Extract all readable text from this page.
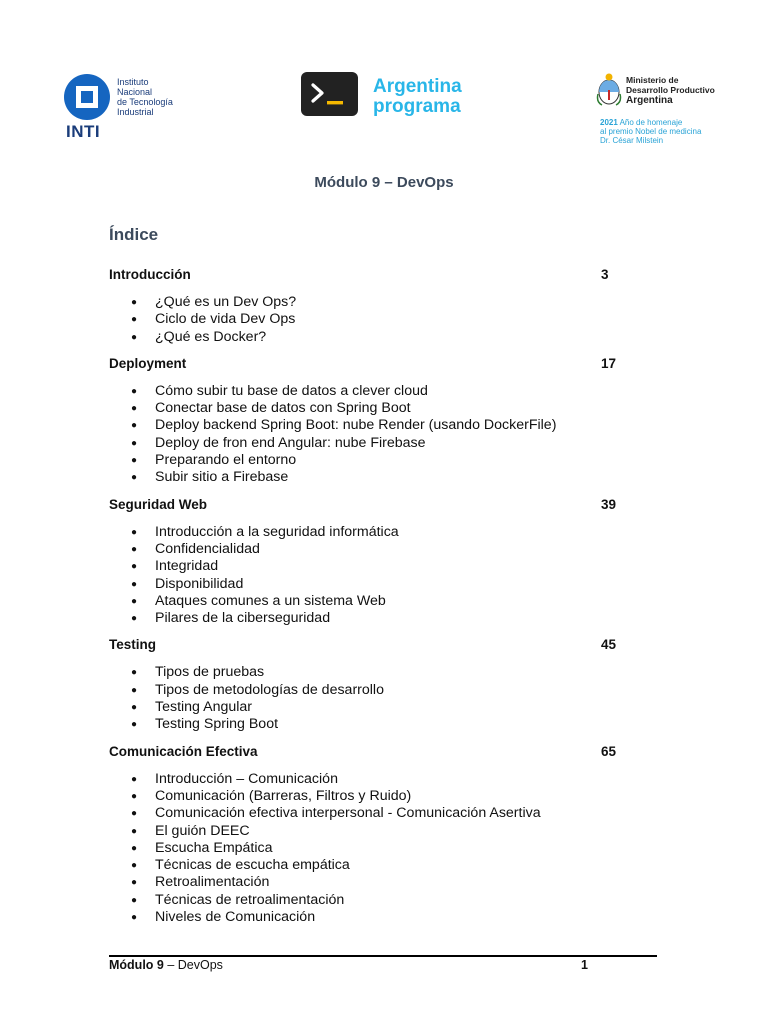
Instituto
Nacional
de Tecnología
Industrial
INTI
Argentina
programa
Ministerio de
Desarrollo Productivo
Argentina
2021 Año de homenaje
al premio Nobel de medicina
Dr. César Milstein
Módulo 9 – DevOps
Índice
Introducción	3
● ¿Qué es un Dev Ops?
● Ciclo de vida Dev Ops
● ¿Qué es Docker?
Deployment	17
● Cómo subir tu base de datos a clever cloud
● Conectar base de datos con Spring Boot
● Deploy backend Spring Boot: nube Render (usando DockerFile)
● Deploy de fron end Angular: nube Firebase
● Preparando el entorno
● Subir sitio a Firebase
Seguridad Web	39
● Introducción a la seguridad informática
● Confidencialidad
● Integridad
● Disponibilidad
● Ataques comunes a un sistema Web
● Pilares de la ciberseguridad
Testing	45
● Tipos de pruebas
● Tipos de metodologías de desarrollo
● Testing Angular
● Testing Spring Boot
Comunicación Efectiva	65
● Introducción – Comunicación
● Comunicación (Barreras, Filtros y Ruido)
● Comunicación efectiva interpersonal - Comunicación Asertiva
● El guión DEEC
● Escucha Empática
● Técnicas de escucha empática
● Retroalimentación
● Técnicas de retroalimentación
● Niveles de Comunicación
Módulo 9 – DevOps	1
